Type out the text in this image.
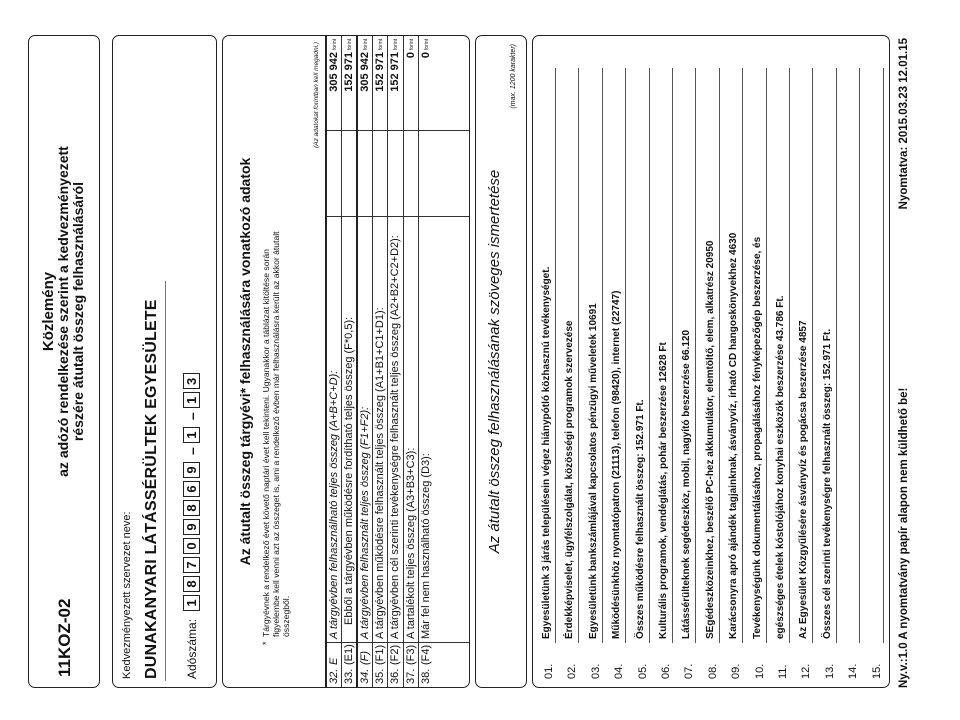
11KOZ-02
Közlemény
az adózó rendelkezése szerint a kedvezményezett részére átutalt összeg felhasználásáról
Kedvezményezett szervezet neve: DUNAKANYARI LÁTÁSSÉRÜLTEK EGYESÜLETE Adószáma:
1
8
7
0
9
8
6
9
–
1
–
1
3	Az átutalt összeg tárgyévi* felhasználására vonatkozó adatok
*
Tárgyévnek a rendelkező évet követő naptári évet kell tekinteni. Ugyanakkor a táblázat kitöltése során figyelembe kell venni azt az összeget is, ami a rendelkező évben már felhasználásra került az akkor átutalt összegből.
(Az adatokat forintban kell megadni.)
32.
E
A tárgyévben felhasználható teljes összeg (A+B+C+D):
305 942
forint
33.
(E1)
Ebből a tárgyévben működésre fordítható teljes összeg (F*0,5):
152 971
forint
34.
(F)
A tárgyévben felhasznált teljes összeg (F1+F2):
305 942
forint
35.
(F1)
A tárgyévben működésre felhasznált teljes összeg (A1+B1+C1+D1):
152 971
forint
36.
(F2)
A tárgyévben cél szerinti tevékenységre felhasznált teljes összeg (A2+B2+C2+D2):
152 971
forint
37.
(F3)
A tartalékolt teljes összeg (A3+B3+C3):
0
forint
38.
(F4)
Már fel nem használható összeg (D3):
0
forint
Az átutalt összeg felhasználásának szöveges ismertetése
(max. 1200 karakter)
01.
Egyesületünk 3 járás településein végez hiánypótló közhasznú tevékenységet.
02.
Érdekképviselet, ügyfélszolgálat, közösségi programok szervezése
03.
Egyesületünk bankszámlájával kapcsolatos pénzügyi műveletek 10691
04.
Működésünkhöz nyomtatópatron (21113), telefon (98420), internet (22747)
05.
Összes működésre felhasznált összeg: 152.971 Ft.
06.
Kulturális programok, vendéglátás, pohár beszerzése 12628 Ft
07.
Látássérülteknek segédeszköz, mobil, nagyító beszerzése 66.120
08.
SEgédeszközeinkhez, beszélő PC-hez akkumulátor, elemtöltő, elem, alkatrész 20950
09.
Karácsonyra apró ajándék tagjainknak, ásványvíz, írható CD hangoskönyvekhez 4630
10.
Tevékenységünk dokumentálásához, propagálásához fényképezőgép beszerzése, és
11.
egészséges ételek kóstolójához konyhai eszközök beszerzése 43.786 Ft.
12.
Az Egyesület Közgyűlésére ásványvíz és pogácsa beszerzése 4857
13.
Összes cél szerinti tevékenységre felhasznált összeg: 152.971 Ft.
14. 15. Ny.v.:1.0 A nyomtatvány papír alapon nem küldhető be!
Nyomtatva: 2015.03.23 12.01.15
